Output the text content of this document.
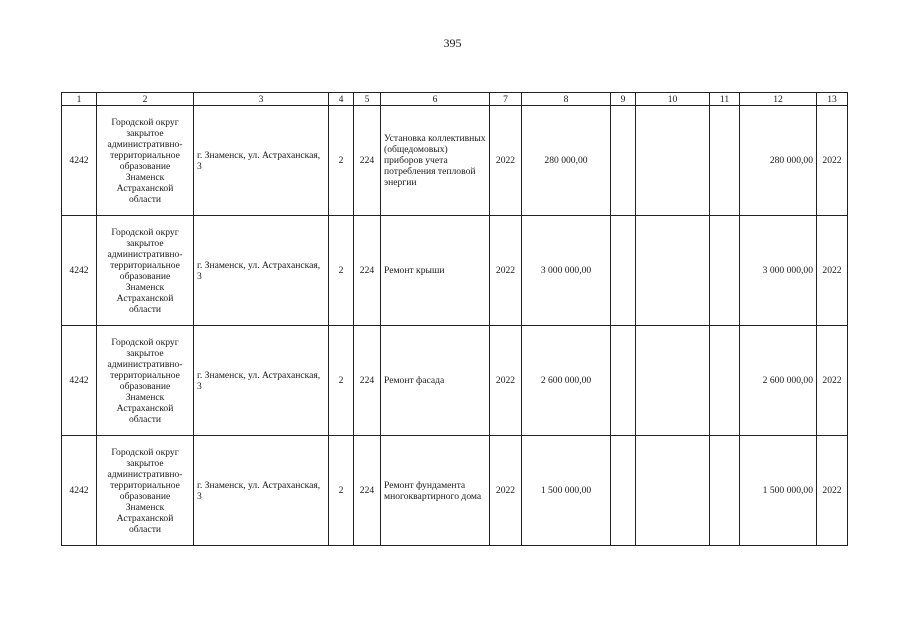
395
1	2	3	4	5	6	7	8	9	10	11	12	13
4242	Городской округ закрытое административно-территориальное образование Знаменск Астраханской области	г. Знаменск, ул. Астраханская, 3	2	224	Установка коллективных (общедомовых) приборов учета потребления тепловой энергии	2022	280 000,00				280 000,00	2022
4242	Городской округ закрытое административно-территориальное образование Знаменск Астраханской области	г. Знаменск, ул. Астраханская, 3	2	224	Ремонт крыши	2022	3 000 000,00				3 000 000,00	2022
4242	Городской округ закрытое административно-территориальное образование Знаменск Астраханской области	г. Знаменск, ул. Астраханская, 3	2	224	Ремонт фасада	2022	2 600 000,00				2 600 000,00	2022
4242	Городской округ закрытое административно-территориальное образование Знаменск Астраханской области	г. Знаменск, ул. Астраханская, 3	2	224	Ремонт фундамента многоквартирного дома	2022	1 500 000,00				1 500 000,00	2022
